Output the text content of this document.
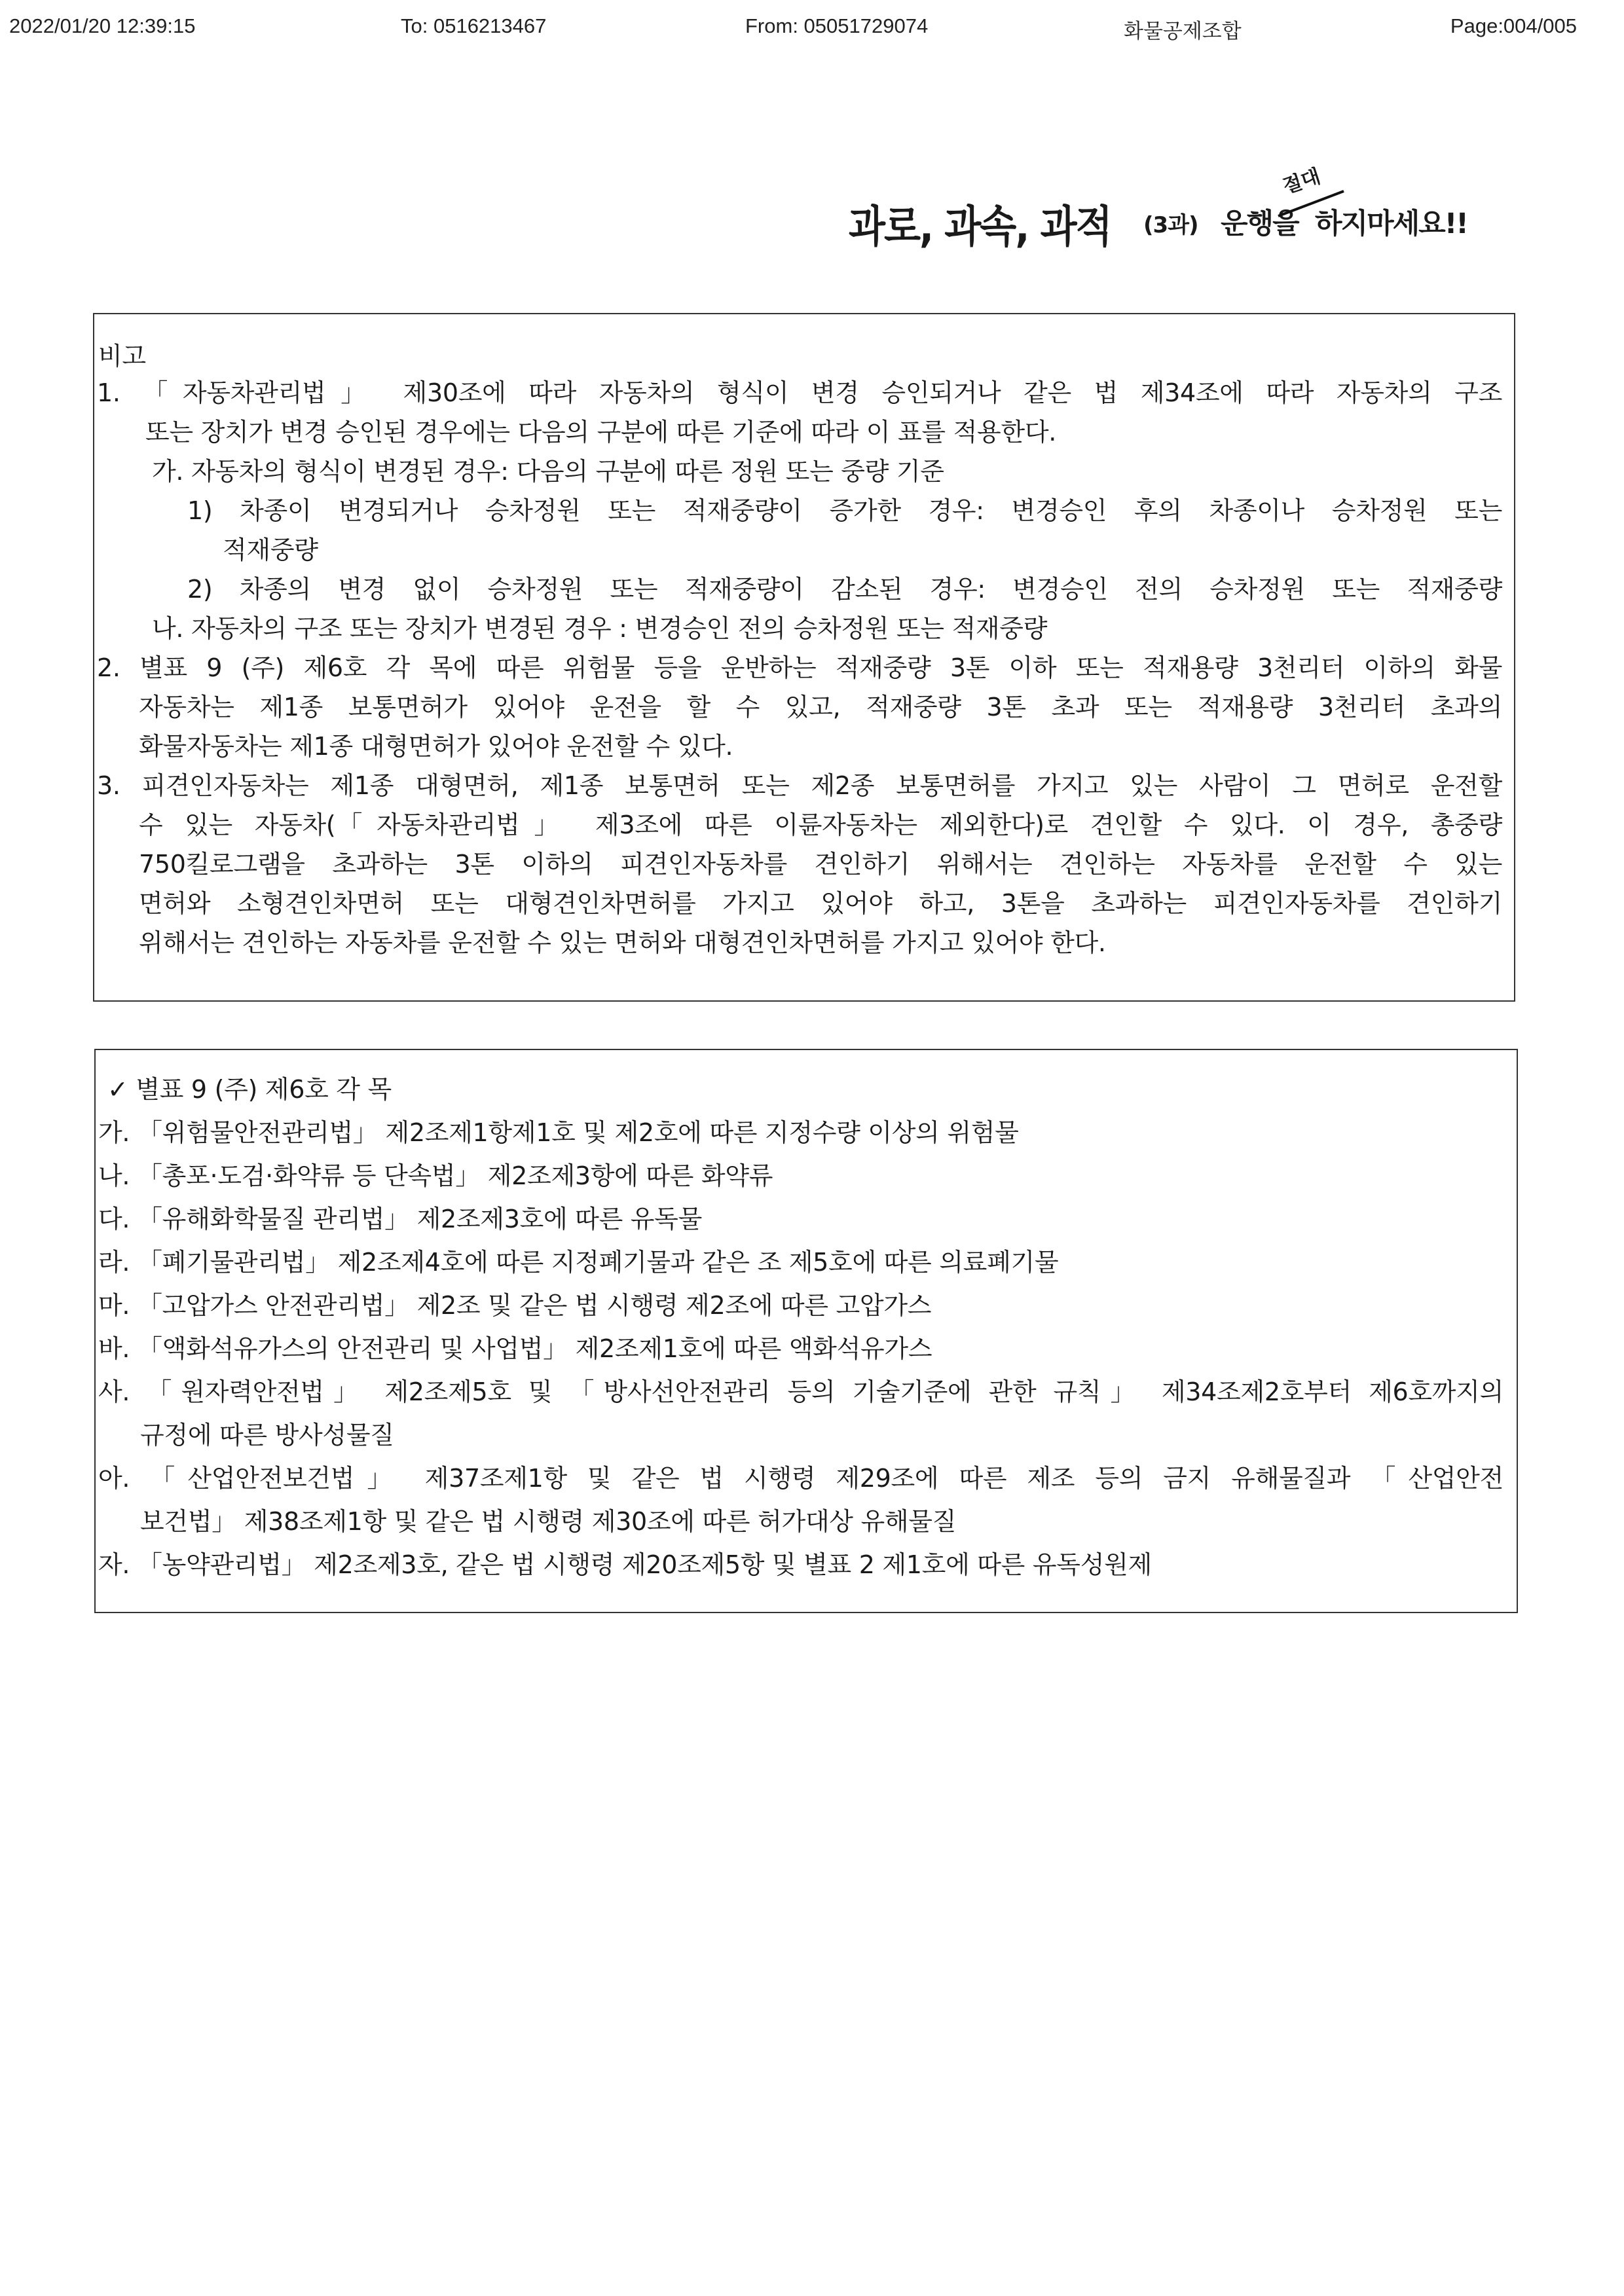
2022/01/20 12:39:15	To: 0516213467	From: 05051729074	화물공제조합	Page:004/005
과로, 과속, 과적 (3과) 운행을
절대
하지마세요!!
비고
1. 「자동차관리법」 제30조에 따라 자동차의 형식이 변경 승인되거나 같은 법 제34조에 따라 자동차의 구조
또는 장치가 변경 승인된 경우에는 다음의 구분에 따른 기준에 따라 이 표를 적용한다.
가. 자동차의 형식이 변경된 경우: 다음의 구분에 따른 정원 또는 중량 기준
1) 차종이 변경되거나 승차정원 또는 적재중량이 증가한 경우: 변경승인 후의 차종이나 승차정원 또는
적재중량
2) 차종의 변경 없이 승차정원 또는 적재중량이 감소된 경우: 변경승인 전의 승차정원 또는 적재중량
나. 자동차의 구조 또는 장치가 변경된 경우 : 변경승인 전의 승차정원 또는 적재중량
2. 별표 9 (주) 제6호 각 목에 따른 위험물 등을 운반하는 적재중량 3톤 이하 또는 적재용량 3천리터 이하의 화물
자동차는 제1종 보통면허가 있어야 운전을 할 수 있고, 적재중량 3톤 초과 또는 적재용량 3천리터 초과의
화물자동차는 제1종 대형면허가 있어야 운전할 수 있다.
3. 피견인자동차는 제1종 대형면허, 제1종 보통면허 또는 제2종 보통면허를 가지고 있는 사람이 그 면허로 운전할
수 있는 자동차(「자동차관리법」 제3조에 따른 이륜자동차는 제외한다)로 견인할 수 있다. 이 경우, 총중량
750킬로그램을 초과하는 3톤 이하의 피견인자동차를 견인하기 위해서는 견인하는 자동차를 운전할 수 있는
면허와 소형견인차면허 또는 대형견인차면허를 가지고 있어야 하고, 3톤을 초과하는 피견인자동차를 견인하기
위해서는 견인하는 자동차를 운전할 수 있는 면허와 대형견인차면허를 가지고 있어야 한다.
✓ 별표 9 (주) 제6호 각 목
가. 「위험물안전관리법」 제2조제1항제1호 및 제2호에 따른 지정수량 이상의 위험물
나. 「총포·도검·화약류 등 단속법」 제2조제3항에 따른 화약류
다. 「유해화학물질 관리법」 제2조제3호에 따른 유독물
라. 「폐기물관리법」 제2조제4호에 따른 지정폐기물과 같은 조 제5호에 따른 의료폐기물
마. 「고압가스 안전관리법」 제2조 및 같은 법 시행령 제2조에 따른 고압가스
바. 「액화석유가스의 안전관리 및 사업법」 제2조제1호에 따른 액화석유가스
사. 「원자력안전법」 제2조제5호 및 「방사선안전관리 등의 기술기준에 관한 규칙」 제34조제2호부터 제6호까지의
규정에 따른 방사성물질
아. 「산업안전보건법」 제37조제1항 및 같은 법 시행령 제29조에 따른 제조 등의 금지 유해물질과 「산업안전
보건법」 제38조제1항 및 같은 법 시행령 제30조에 따른 허가대상 유해물질
자. 「농약관리법」 제2조제3호, 같은 법 시행령 제20조제5항 및 별표 2 제1호에 따른 유독성원제
